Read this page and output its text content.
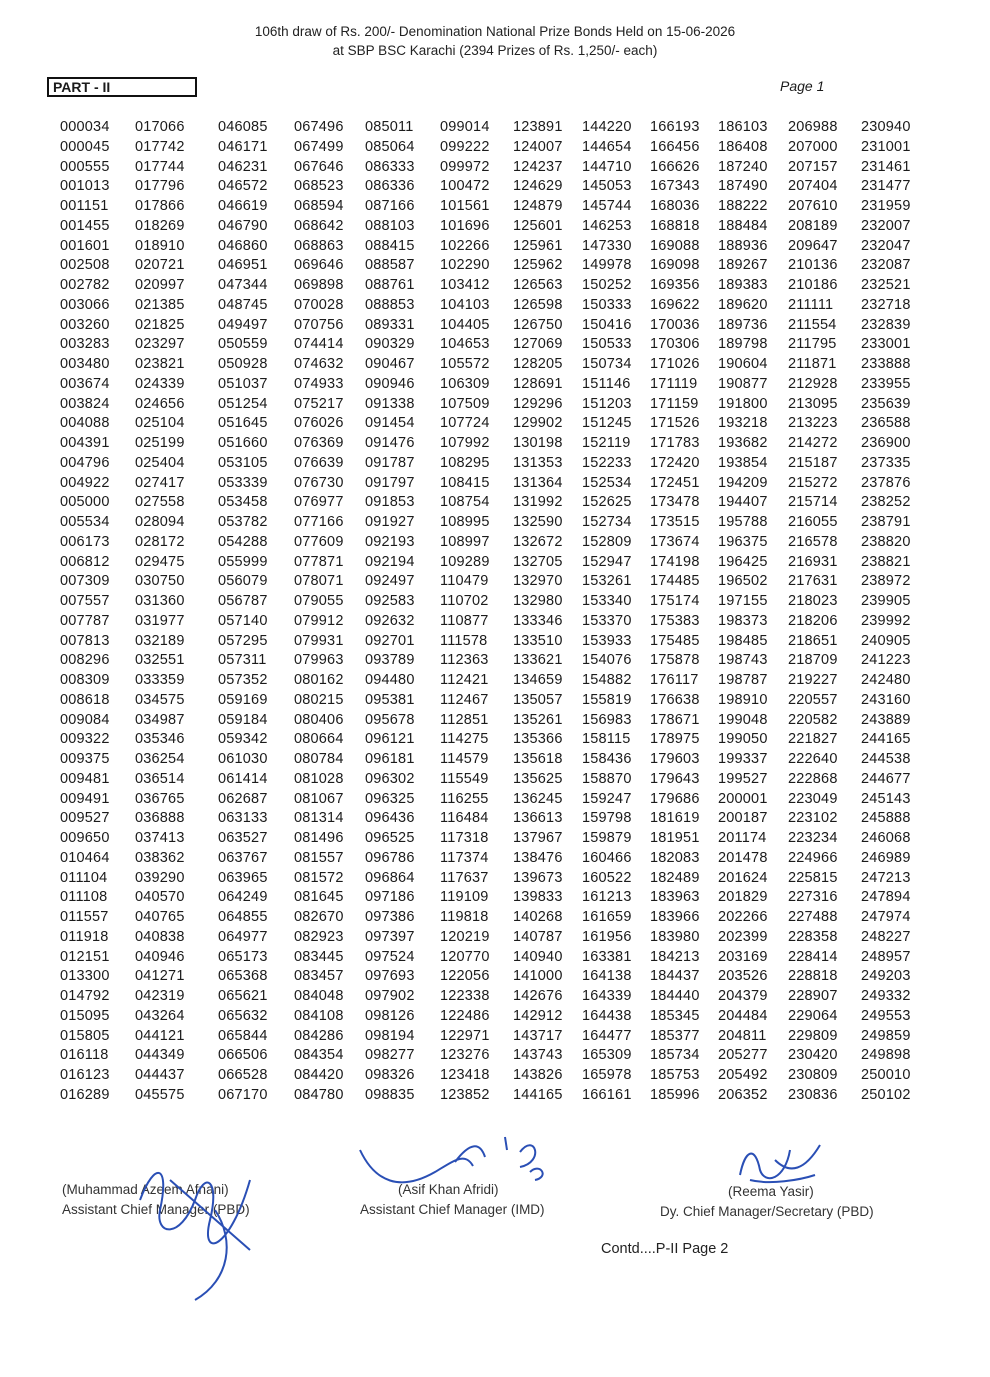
106th draw of Rs. 200/- Denomination National Prize Bonds Held on 15-06-2026
at SBP BSC Karachi (2394 Prizes of Rs. 1,250/- each)
PART - II	Page 1
000034
000045
000555
001013
001151
001455
001601
002508
002782
003066
003260
003283
003480
003674
003824
004088
004391
004796
004922
005000
005534
006173
006812
007309
007557
007787
007813
008296
008309
008618
009084
009322
009375
009481
009491
009527
009650
010464
011104
011108
011557
011918
012151
013300
014792
015095
015805
016118
016123
016289
017066
017742
017744
017796
017866
018269
018910
020721
020997
021385
021825
023297
023821
024339
024656
025104
025199
025404
027417
027558
028094
028172
029475
030750
031360
031977
032189
032551
033359
034575
034987
035346
036254
036514
036765
036888
037413
038362
039290
040570
040765
040838
040946
041271
042319
043264
044121
044349
044437
045575
046085
046171
046231
046572
046619
046790
046860
046951
047344
048745
049497
050559
050928
051037
051254
051645
051660
053105
053339
053458
053782
054288
055999
056079
056787
057140
057295
057311
057352
059169
059184
059342
061030
061414
062687
063133
063527
063767
063965
064249
064855
064977
065173
065368
065621
065632
065844
066506
066528
067170
067496
067499
067646
068523
068594
068642
068863
069646
069898
070028
070756
074414
074632
074933
075217
076026
076369
076639
076730
076977
077166
077609
077871
078071
079055
079912
079931
079963
080162
080215
080406
080664
080784
081028
081067
081314
081496
081557
081572
081645
082670
082923
083445
083457
084048
084108
084286
084354
084420
084780
085011
085064
086333
086336
087166
088103
088415
088587
088761
088853
089331
090329
090467
090946
091338
091454
091476
091787
091797
091853
091927
092193
092194
092497
092583
092632
092701
093789
094480
095381
095678
096121
096181
096302
096325
096436
096525
096786
096864
097186
097386
097397
097524
097693
097902
098126
098194
098277
098326
098835
099014
099222
099972
100472
101561
101696
102266
102290
103412
104103
104405
104653
105572
106309
107509
107724
107992
108295
108415
108754
108995
108997
109289
110479
110702
110877
111578
112363
112421
112467
112851
114275
114579
115549
116255
116484
117318
117374
117637
119109
119818
120219
120770
122056
122338
122486
122971
123276
123418
123852
123891
124007
124237
124629
124879
125601
125961
125962
126563
126598
126750
127069
128205
128691
129296
129902
130198
131353
131364
131992
132590
132672
132705
132970
132980
133346
133510
133621
134659
135057
135261
135366
135618
135625
136245
136613
137967
138476
139673
139833
140268
140787
140940
141000
142676
142912
143717
143743
143826
144165
144220
144654
144710
145053
145744
146253
147330
149978
150252
150333
150416
150533
150734
151146
151203
151245
152119
152233
152534
152625
152734
152809
152947
153261
153340
153370
153933
154076
154882
155819
156983
158115
158436
158870
159247
159798
159879
160466
160522
161213
161659
161956
163381
164138
164339
164438
164477
165309
165978
166161
166193
166456
166626
167343
168036
168818
169088
169098
169356
169622
170036
170306
171026
171119
171159
171526
171783
172420
172451
173478
173515
173674
174198
174485
175174
175383
175485
175878
176117
176638
178671
178975
179603
179643
179686
181619
181951
182083
182489
183963
183966
183980
184213
184437
184440
185345
185377
185734
185753
185996
186103
186408
187240
187490
188222
188484
188936
189267
189383
189620
189736
189798
190604
190877
191800
193218
193682
193854
194209
194407
195788
196375
196425
196502
197155
198373
198485
198743
198787
198910
199048
199050
199337
199527
200001
200187
201174
201478
201624
201829
202266
202399
203169
203526
204379
204484
204811
205277
205492
206352
206988
207000
207157
207404
207610
208189
209647
210136
210186
211111
211554
211795
211871
212928
213095
213223
214272
215187
215272
215714
216055
216578
216931
217631
218023
218206
218651
218709
219227
220557
220582
221827
222640
222868
223049
223102
223234
224966
225815
227316
227488
228358
228414
228818
228907
229064
229809
230420
230809
230836
230940
231001
231461
231477
231959
232007
232047
232087
232521
232718
232839
233001
233888
233955
235639
236588
236900
237335
237876
238252
238791
238820
238821
238972
239905
239992
240905
241223
242480
243160
243889
244165
244538
244677
245143
245888
246068
246989
247213
247894
247974
248227
248957
249203
249332
249553
249859
249898
250010
250102
(Muhammad Azeem Afnani)
Assistant Chief Manager (PBD)
(Asif Khan Afridi)
Assistant Chief Manager (IMD)
(Reema Yasir)
Dy. Chief Manager/Secretary (PBD)
Contd....P-II Page 2
